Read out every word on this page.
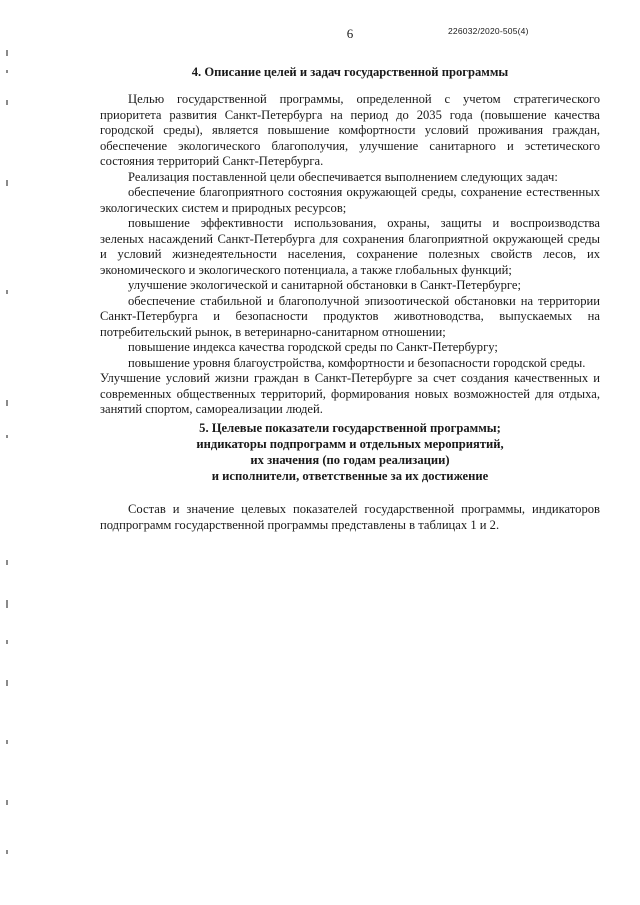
6	226032/2020-505(4)
4. Описание целей и задач государственной программы

Целью государственной программы, определенной с учетом стратегического приоритета развития Санкт-Петербурга на период до 2035 года (повышение качества городской среды), является повышение комфортности условий проживания граждан, обеспечение экологического благополучия, улучшение санитарного и эстетического состояния территорий Санкт-Петербурга.

Реализация поставленной цели обеспечивается выполнением следующих задач:

обеспечение благоприятного состояния окружающей среды, сохранение естественных экологических систем и природных ресурсов;

повышение эффективности использования, охраны, защиты и воспроизводства зеленых насаждений Санкт-Петербурга для сохранения благоприятной окружающей среды и условий жизнедеятельности населения, сохранение полезных свойств лесов, их экономического и экологического потенциала, а также глобальных функций;

улучшение экологической и санитарной обстановки в Санкт-Петербурге;

обеспечение стабильной и благополучной эпизоотической обстановки на территории Санкт-Петербурга и безопасности продуктов животноводства, выпускаемых на потребительский рынок, в ветеринарно-санитарном отношении;

повышение индекса качества городской среды по Санкт-Петербургу;

повышение уровня благоустройства, комфортности и безопасности городской среды.

Улучшение условий жизни граждан в Санкт-Петербурге за счет создания качественных и современных общественных территорий, формирования новых возможностей для отдыха, занятий спортом, самореализации людей.

5. Целевые показатели государственной программы;
индикаторы подпрограмм и отдельных мероприятий,
их значения (по годам реализации)
и исполнители, ответственные за их достижение

Состав и значение целевых показателей государственной программы, индикаторов подпрограмм государственной программы представлены в таблицах 1 и 2.
